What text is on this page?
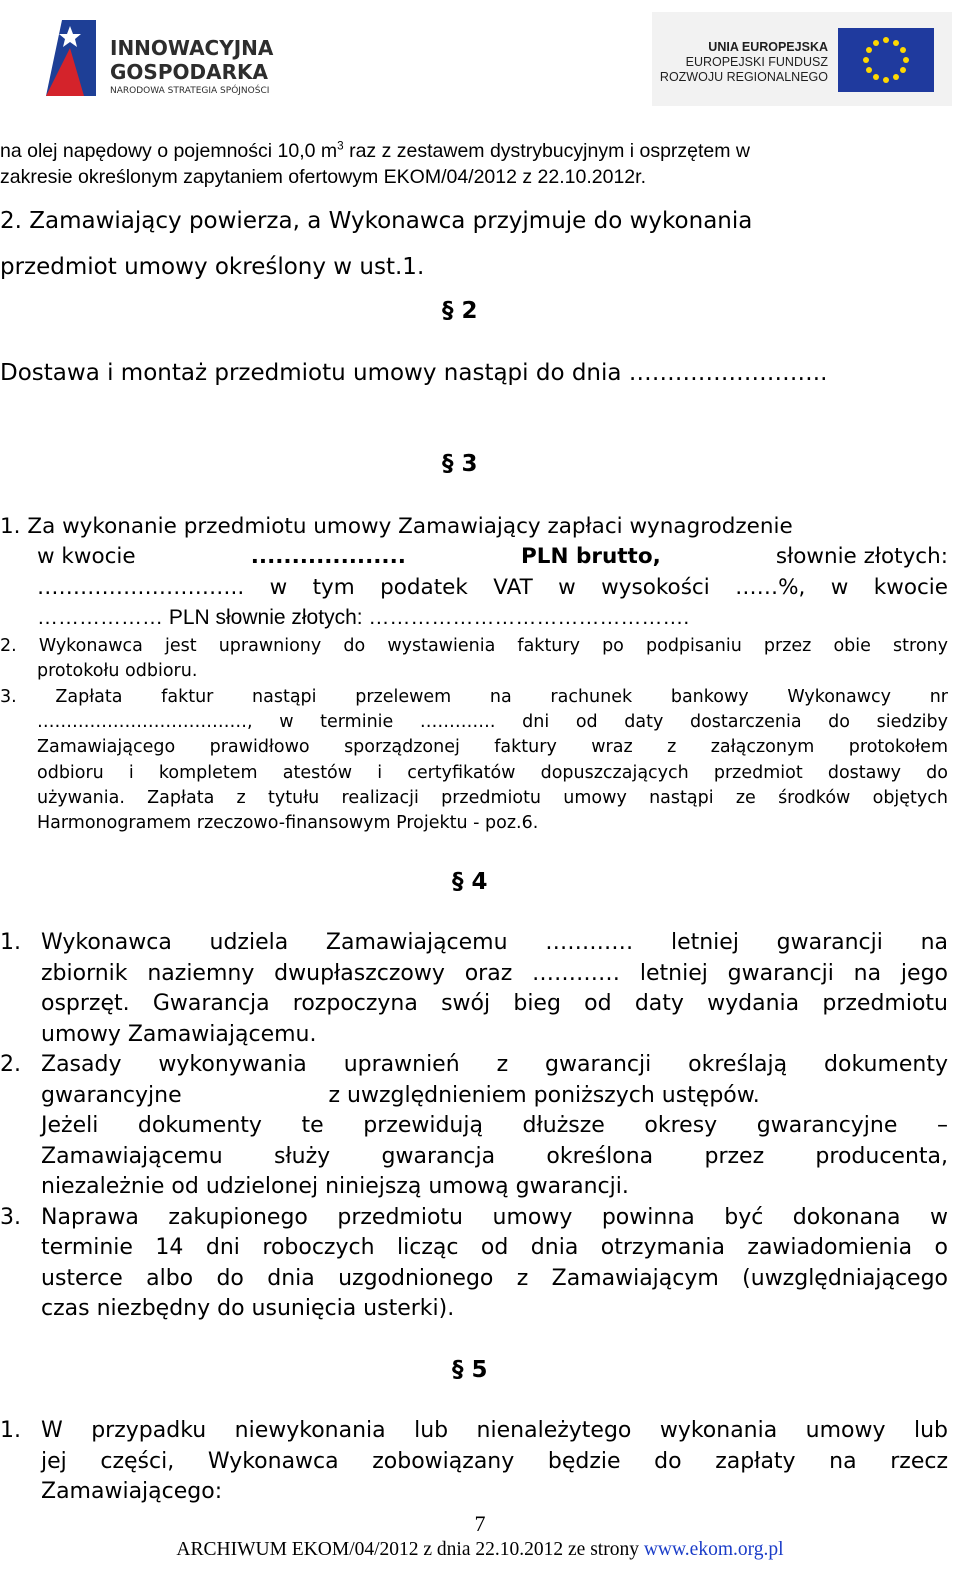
INNOWACYJNA
GOSPODARKA
NARODOWA STRATEGIA SPÓJNOŚCI
UNIA EUROPEJSKA
EUROPEJSKI FUNDUSZ
ROZWOJU REGIONALNEGO
na olej napędowy o pojemności 10,0 $m^3$ raz z zestawem dystrybucyjnym i osprzętem w
zakresie określonym zapytaniem ofertowym EKOM/04/2012 z 22.10.2012r.
2. Zamawiający powierza, a Wykonawca przyjmuje do wykonania
przedmiot umowy określony w ust.1.
§ 2
Dostawa i montaż przedmiotu umowy nastąpi do dnia ……………………..
§ 3
1. Za wykonanie przedmiotu umowy Zamawiający zapłaci wynagrodzenie
w kwocie	...................	PLN brutto,	słownie złotych:
……………………….. w tym podatek VAT w wysokości ……%, w kwocie
……………… PLN słownie złotych: ……………………………………….
2. Wykonawca jest uprawniony do wystawienia faktury po podpisaniu przez obie strony
protokołu odbioru.
3. Zapłata faktur nastąpi przelewem na rachunek bankowy Wykonawcy nr
………………………………, w terminie …………. dni od daty dostarczenia do siedziby
Zamawiającego prawidłowo sporządzonej faktury wraz z załączonym protokołem
odbioru i kompletem atestów i certyfikatów dopuszczających przedmiot dostawy do
używania. Zapłata z tytułu realizacji przedmiotu umowy nastąpi ze środków objętych
Harmonogramem rzeczowo-finansowym Projektu - poz.6.
§ 4
1. Wykonawca udziela Zamawiającemu ………… letniej gwarancji na
zbiornik naziemny dwupłaszczowy oraz ………… letniej gwarancji na jego
osprzęt. Gwarancja rozpoczyna swój bieg od daty wydania przedmiotu
umowy Zamawiającemu.
2. Zasady wykonywania uprawnień z gwarancji określają dokumenty
gwarancyjne                     z uwzględnieniem poniższych ustępów.
Jeżeli dokumenty te przewidują dłuższe okresy gwarancyjne –
Zamawiającemu służy gwarancja określona przez producenta,
niezależnie od udzielonej niniejszą umową gwarancji.
3. Naprawa zakupionego przedmiotu umowy powinna być dokonana w
terminie 14 dni roboczych licząc od dnia otrzymania zawiadomienia o
usterce albo do dnia uzgodnionego z Zamawiającym (uwzględniającego
czas niezbędny do usunięcia usterki).
§ 5
1. W przypadku niewykonania lub nienależytego wykonania umowy lub
jej części, Wykonawca zobowiązany będzie do zapłaty na rzecz
Zamawiającego:
7
ARCHIWUM EKOM/04/2012 z dnia 22.10.2012 ze strony www.ekom.org.pl
